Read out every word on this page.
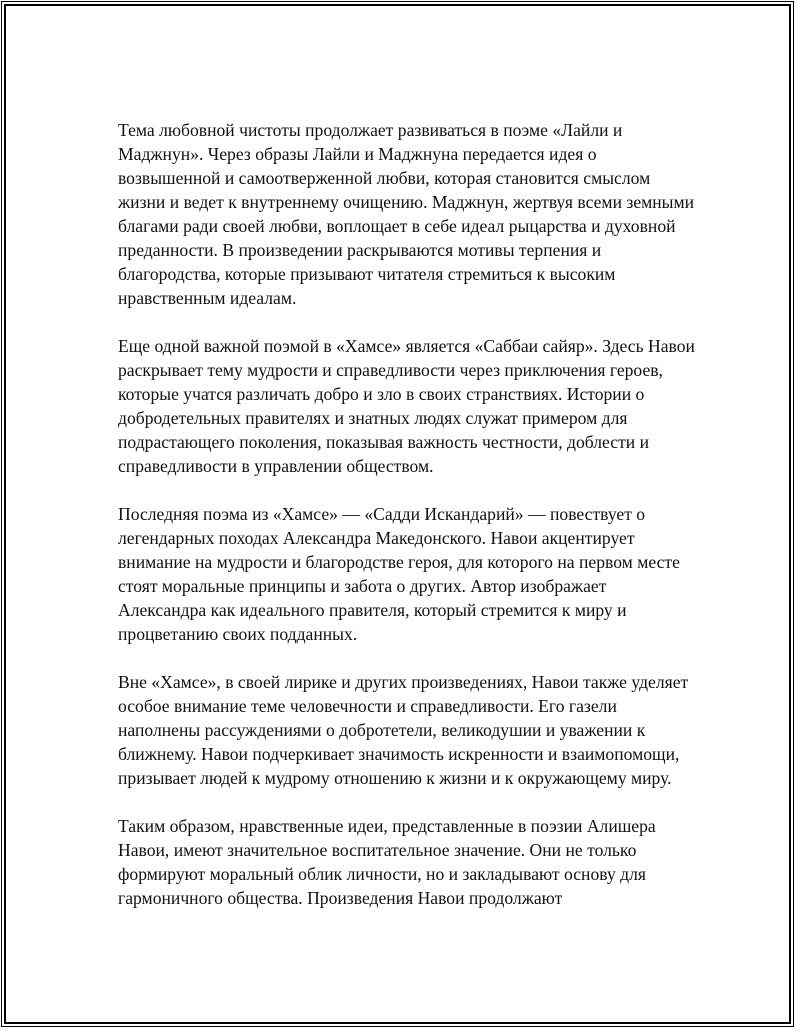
Тема любовной чистоты продолжает развиваться в поэме «Лайли и Маджнун». Через образы Лайли и Маджнуна передается идея о возвышенной и самоотверженной любви, которая становится смыслом жизни и ведет к внутреннему очищению. Маджнун, жертвуя всеми земными благами ради своей любви, воплощает в себе идеал рыцарства и духовной преданности. В произведении раскрываются мотивы терпения и благородства, которые призывают читателя стремиться к высоким нравственным идеалам.

Еще одной важной поэмой в «Хамсе» является «Саббаи сайяр». Здесь Навои раскрывает тему мудрости и справедливости через приключения героев, которые учатся различать добро и зло в своих странствиях. Истории о добродетельных правителях и знатных людях служат примером для подрастающего поколения, показывая важность честности, доблести и справедливости в управлении обществом.

Последняя поэма из «Хамсе» — «Садди Искандарий» — повествует о легендарных походах Александра Македонского. Навои акцентирует внимание на мудрости и благородстве героя, для которого на первом месте стоят моральные принципы и забота о других. Автор изображает Александра как идеального правителя, который стремится к миру и процветанию своих подданных.

Вне «Хамсе», в своей лирике и других произведениях, Навои также уделяет особое внимание теме человечности и справедливости. Его газели наполнены рассуждениями о добротетели, великодушии и уважении к ближнему. Навои подчеркивает значимость искренности и взаимопомощи, призывает людей к мудрому отношению к жизни и к окружающему миру.

Таким образом, нравственные идеи, представленные в поэзии Алишера Навои, имеют значительное воспитательное значение. Они не только формируют моральный облик личности, но и закладывают основу для гармоничного общества. Произведения Навои продолжают
